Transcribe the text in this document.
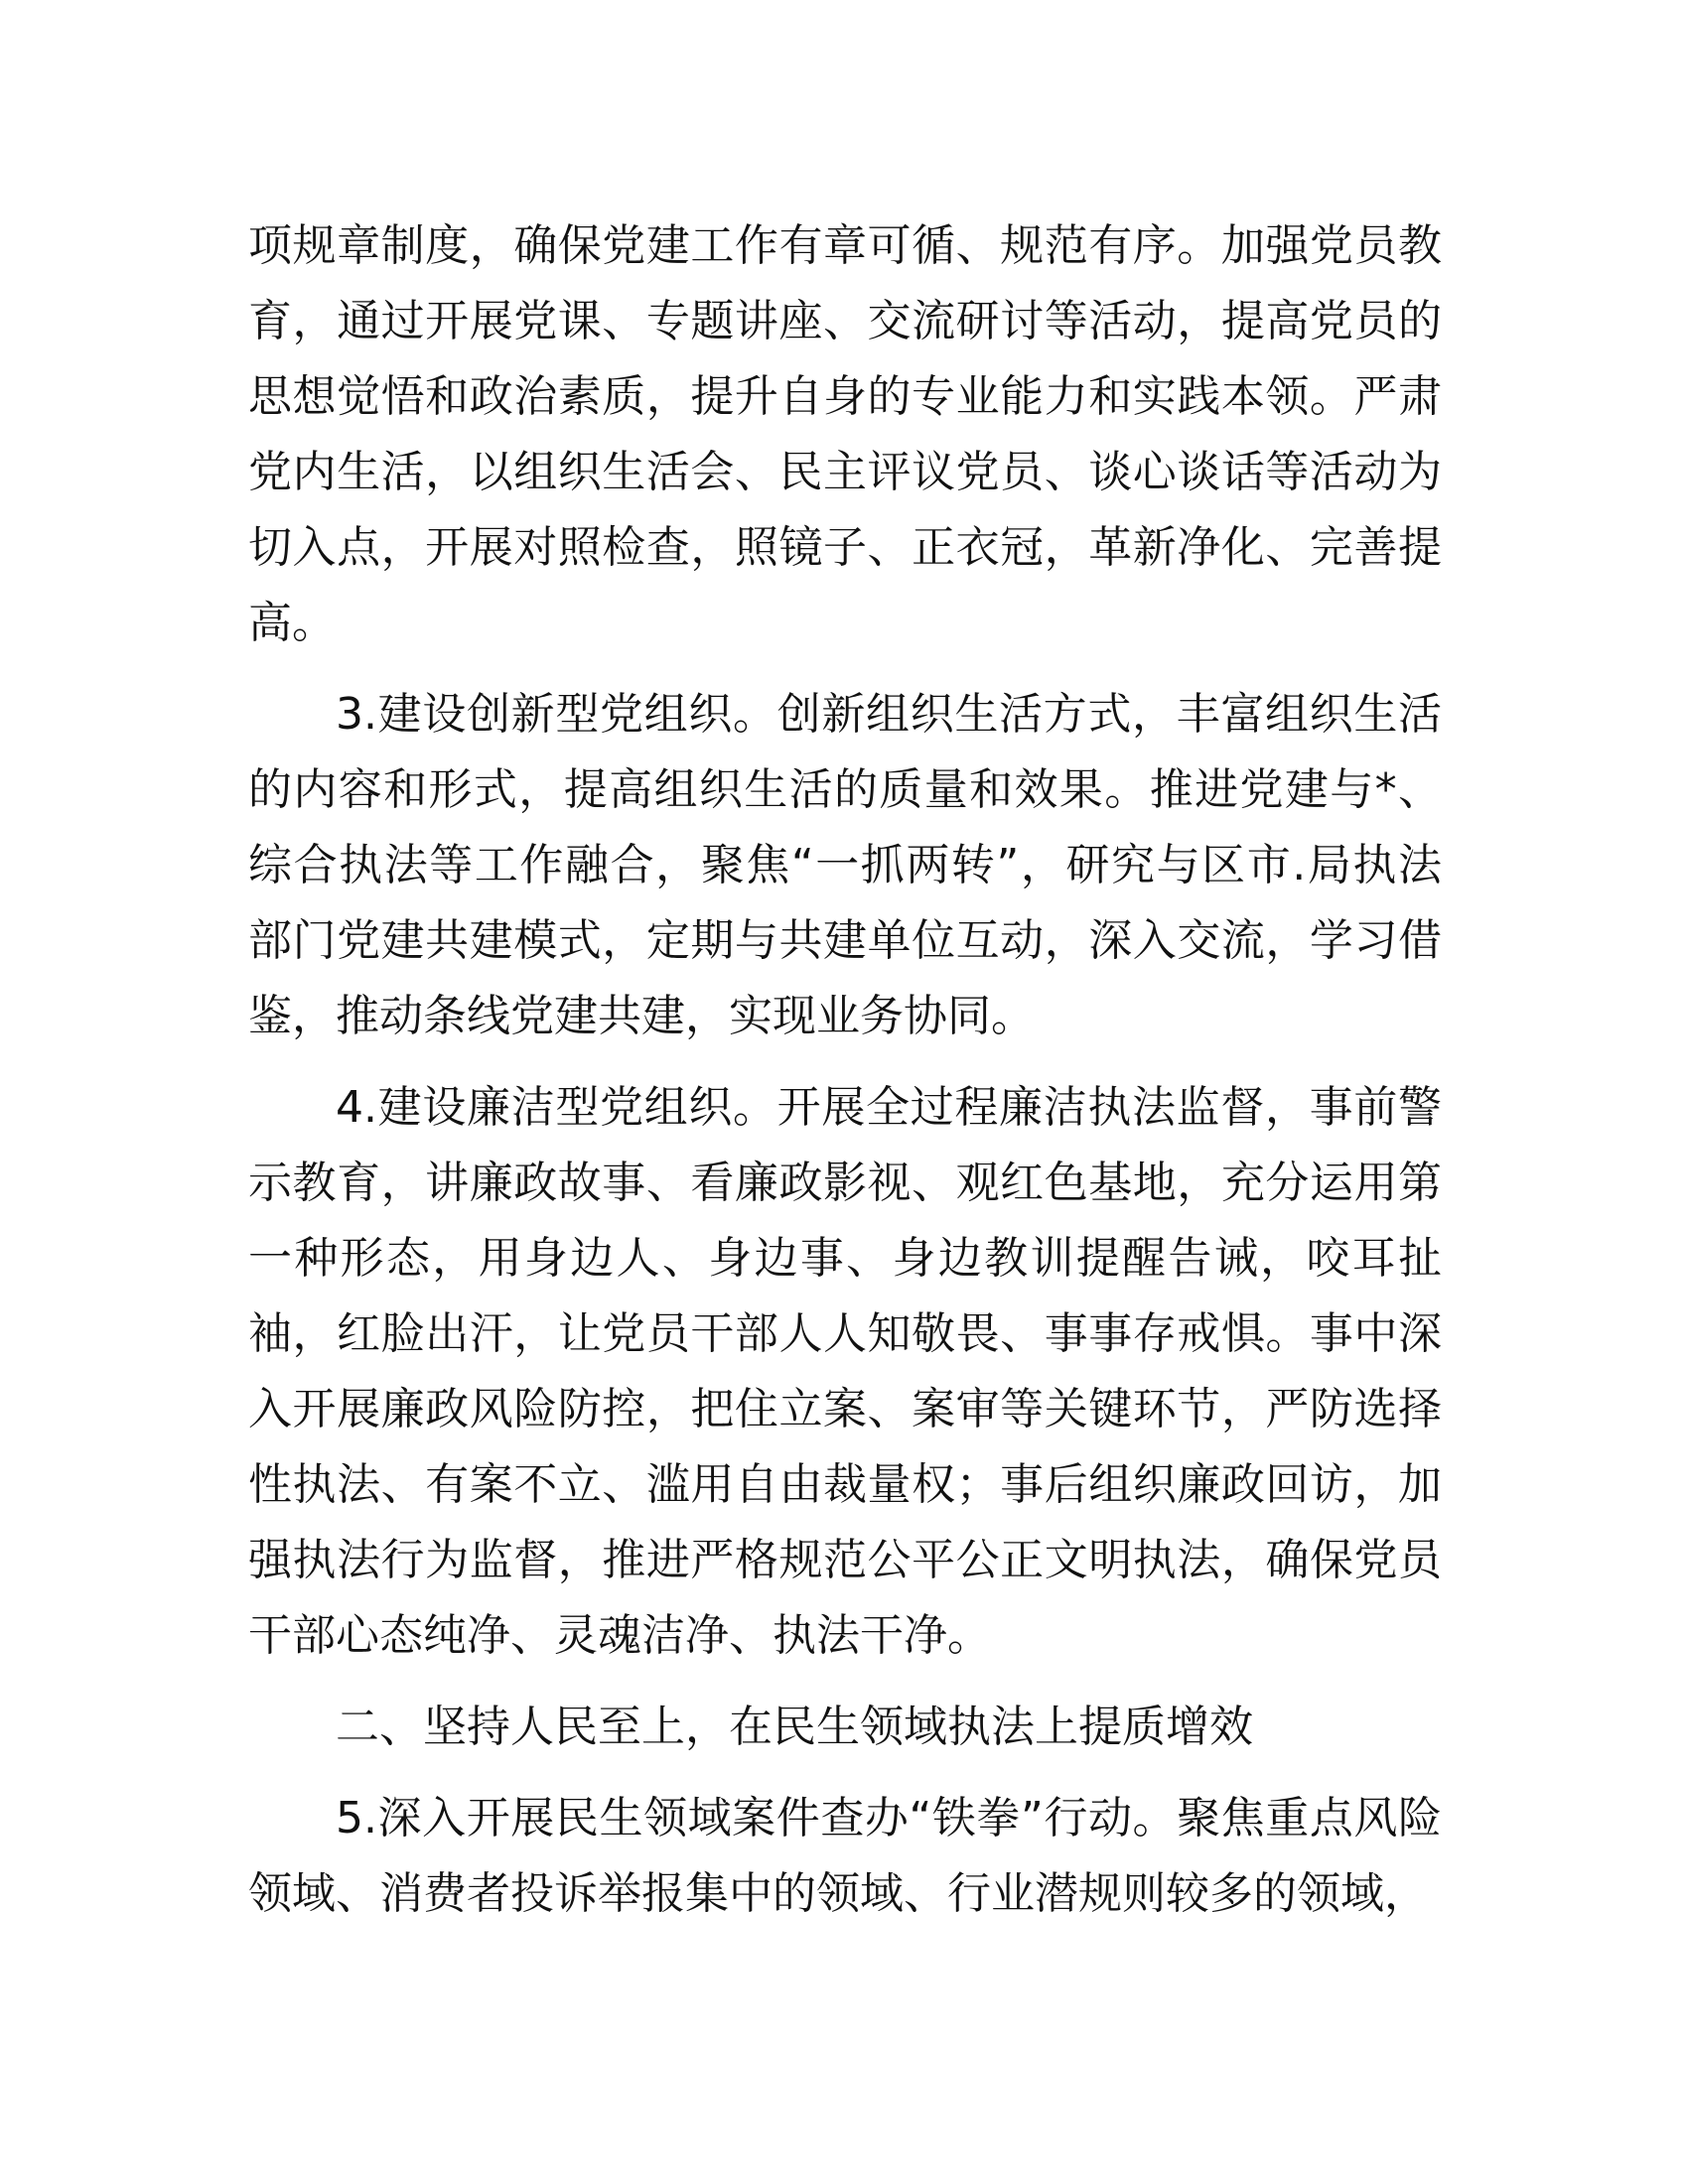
项规章制度，确保党建工作有章可循、规范有序。加强党员教育，通过开展党课、专题讲座、交流研讨等活动，提高党员的思想觉悟和政治素质，提升自身的专业能力和实践本领。严肃党内生活，以组织生活会、民主评议党员、谈心谈话等活动为切入点，开展对照检查，照镜子、正衣冠，革新净化、完善提高。

3.建设创新型党组织。创新组织生活方式，丰富组织生活的内容和形式，提高组织生活的质量和效果。推进党建与*、综合执法等工作融合，聚焦“一抓两转”，研究与区市.局执法部门党建共建模式，定期与共建单位互动，深入交流，学习借鉴，推动条线党建共建，实现业务协同。

4.建设廉洁型党组织。开展全过程廉洁执法监督，事前警示教育，讲廉政故事、看廉政影视、观红色基地，充分运用第一种形态，用身边人、身边事、身边教训提醒告诫，咬耳扯袖，红脸出汗，让党员干部人人知敬畏、事事存戒惧。事中深入开展廉政风险防控，把住立案、案审等关键环节，严防选择性执法、有案不立、滥用自由裁量权；事后组织廉政回访，加强执法行为监督，推进严格规范公平公正文明执法，确保党员干部心态纯净、灵魂洁净、执法干净。

二、坚持人民至上，在民生领域执法上提质增效

5.深入开展民生领域案件查办“铁拳”行动。聚焦重点风险领域、消费者投诉举报集中的领域、行业潜规则较多的领域，
